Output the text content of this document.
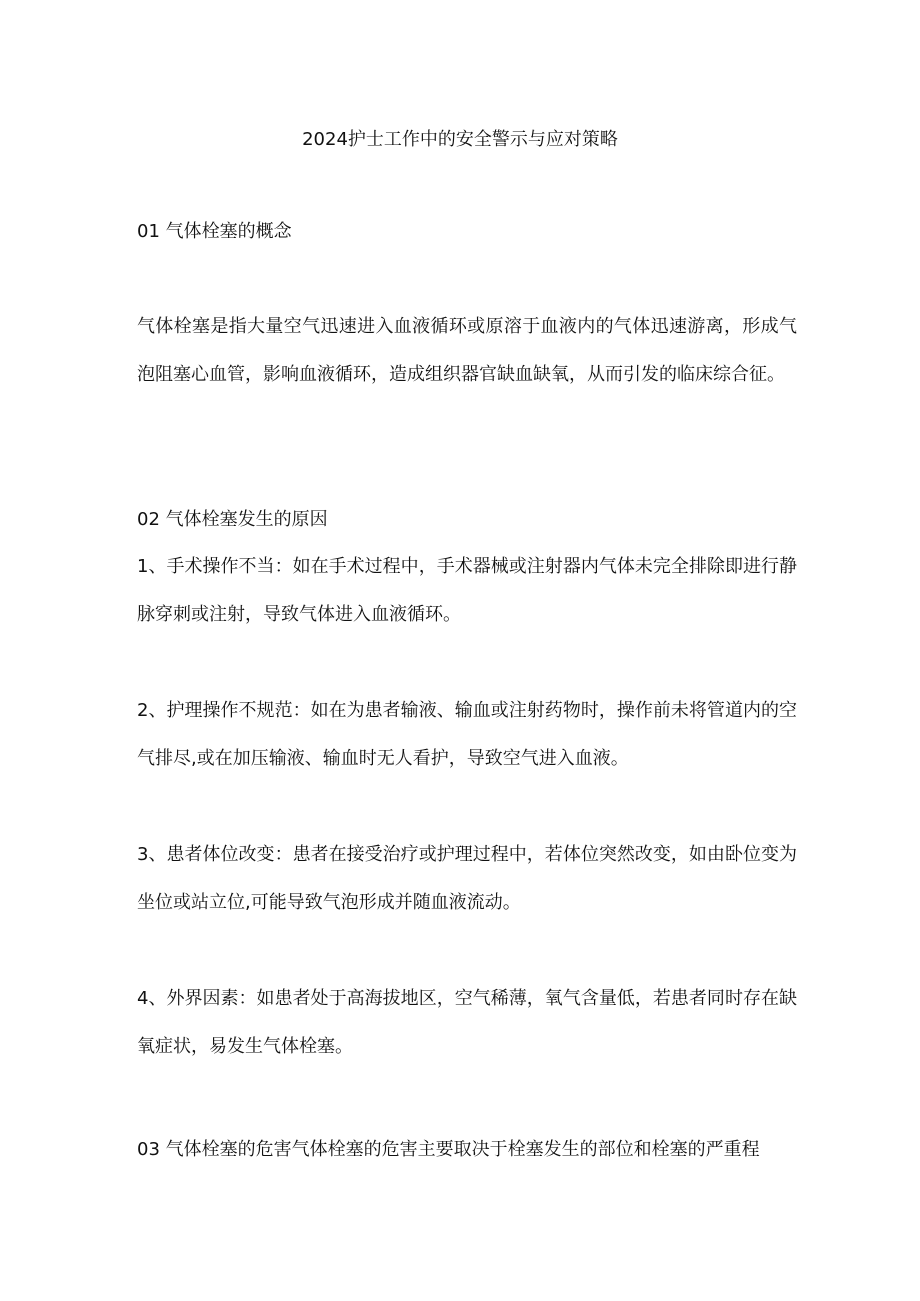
2024护士工作中的安全警示与应对策略
01 气体栓塞的概念
气体栓塞是指大量空气迅速进入血液循环或原溶于血液内的气体迅速游离，形成气泡阻塞心血管，影响血液循环，造成组织器官缺血缺氧，从而引发的临床综合征。
02 气体栓塞发生的原因
1、手术操作不当：如在手术过程中，手术器械或注射器内气体未完全排除即进行静脉穿刺或注射，导致气体进入血液循环。
2、护理操作不规范：如在为患者输液、输血或注射药物时，操作前未将管道内的空气排尽,或在加压输液、输血时无人看护，导致空气进入血液。
3、患者体位改变：患者在接受治疗或护理过程中，若体位突然改变，如由卧位变为坐位或站立位,可能导致气泡形成并随血液流动。
4、外界因素：如患者处于高海拔地区，空气稀薄，氧气含量低，若患者同时存在缺氧症状，易发生气体栓塞。
03 气体栓塞的危害气体栓塞的危害主要取决于栓塞发生的部位和栓塞的严重程
